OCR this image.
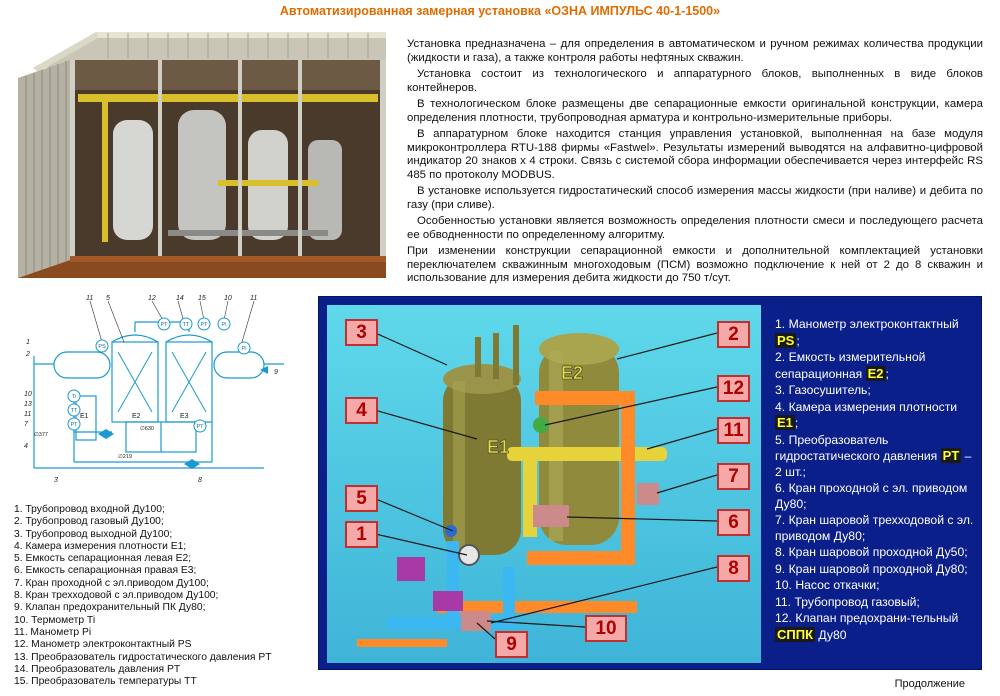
Автоматизированная замерная установка «ОЗНА ИМПУЛЬС 40-1-1500»

Установка предназначена – для определения в автоматическом и ручном режимах количества продукции (жидкости и газа), а также контроля работы нефтяных скважин.

Установка состоит из технологического и аппаратурного блоков, выполненных в виде блоков контейнеров.

В технологическом блоке размещены две сепарационные емкости оригинальной конструкции, камера определения плотности, трубопроводная арматура и контрольно-измерительные приборы.

В аппаратурном блоке находится станция управления установкой, выполненная на базе модуля микроконтроллера RTU-188 фирмы «Fastwel». Результаты измерений выводятся на алфавитно-цифровой индикатор 20 знаков х 4 строки. Связь с системой сбора информации обеспечивается через интерфейс RS 485 по протоколу MODBUS.

В установке используется гидростатический способ измерения массы жидкости (при наливе) и дебита по газу (при сливе).

Особенностью установки является возможность определения плотности смеси и последующего расчета ее обводненности по определенному алгоритму.

При изменении конструкции сепарационной емкости и дополнительной комплектацией установки переключателем скважинным многоходовым (ПСМ) возможно подключение к ней от 2 до 8 скважин и использование для измерения дебита жидкости до 750 т/сут.

PS
PT	TT PT	Pi
Pi
Ti
TT
PT	PT
11 5	12	14 15	10	11
1
2
10
13
11
7
4
3	8
9
E1	E2	E3
∅377
∅219
∅630
1. Трубопровод входной Ду100;
2. Трубопровод газовый Ду100;
3. Трубопровод выходной Ду100;
4. Камера измерения плотности Е1;
5. Емкость сепарационная левая Е2;
6. Емкость сепарационная правая Е3;
7. Кран проходной с эл.приводом Ду100;
8. Кран трехходовой с эл.приводом Ду100;
9. Клапан предохранительный ПК Ду80;
10. Термометр Ti
11. Манометр Pi
12. Манометр электроконтактный PS
13. Преобразователь гидростатического давления PT
14. Преобразователь давления PT
15. Преобразователь температуры TT
E2
E1
3
4
5
1
2
12
11
7
6
8
10
9
1. Манометр электроконтактный PS ;
2. Емкость измерительной сепарационная E2 ;
3. Газосушитель;
4. Камера измерения плотности E1 ;
5. Преобразователь гидростатического давления PT – 2 шт.;
6. Кран проходной с эл. приводом Ду80;
7. Кран шаровой трехходовой с эл. приводом Ду80;
8. Кран шаровой проходной Ду50;
9. Кран шаровой проходной Ду80;
10. Насос откачки;
11. Трубопровод газовый;
12. Клапан предохрани-тельный СППК Ду80
Продолжение
